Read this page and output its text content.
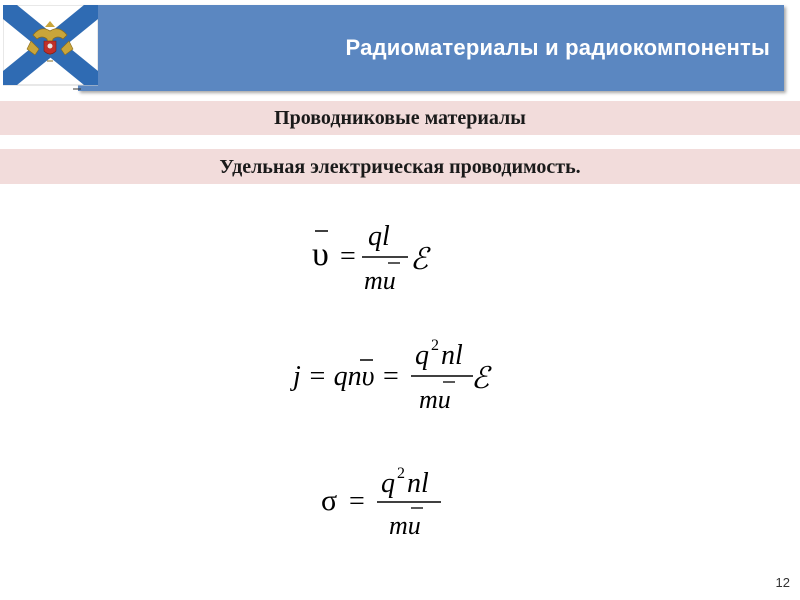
Радиоматериалы и радиокомпоненты
Проводниковые материалы
Удельная электрическая проводимость.
υ =
ql
mu
ℰ
j = qnυ =
q 2 nl
mu
ℰ
σ =
q 2 nl
mu
12
